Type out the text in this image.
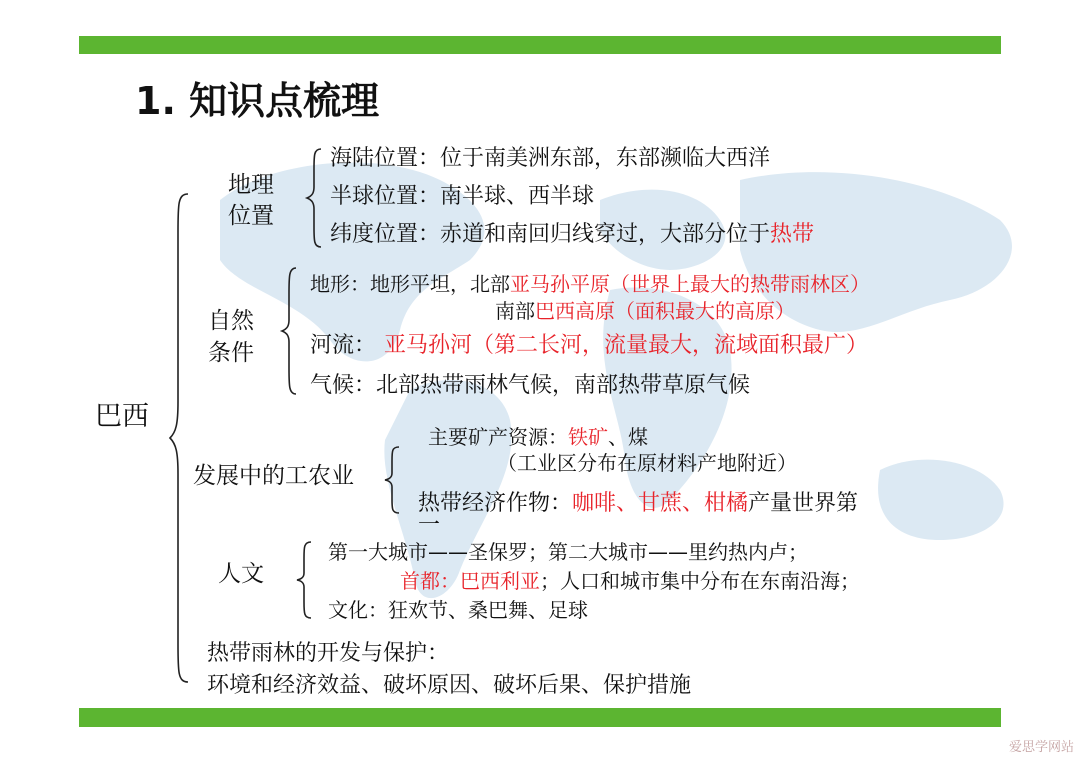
1. 知识点梳理
巴西
地理
位置
海陆位置：位于南美洲东部，东部濒临大西洋
半球位置：南半球、西半球
纬度位置：赤道和南回归线穿过，大部分位于热带
自然
条件
地形：地形平坦，北部亚马孙平原（世界上最大的热带雨林区）
南部巴西高原（面积最大的高原）
河流： 亚马孙河（第二长河，流量最大，流域面积最广）
气候：北部热带雨林气候，南部热带草原气候
发展中的工农业
主要矿产资源：铁矿、煤
（工业区分布在原材料产地附近）
热带经济作物：咖啡、甘蔗、柑橘产量世界第
一
人文
第一大城市——圣保罗；第二大城市——里约热内卢；
首都：巴西利亚；人口和城市集中分布在东南沿海；
文化：狂欢节、桑巴舞、足球
热带雨林的开发与保护：
环境和经济效益、破坏原因、破坏后果、保护措施
爱思学网站
